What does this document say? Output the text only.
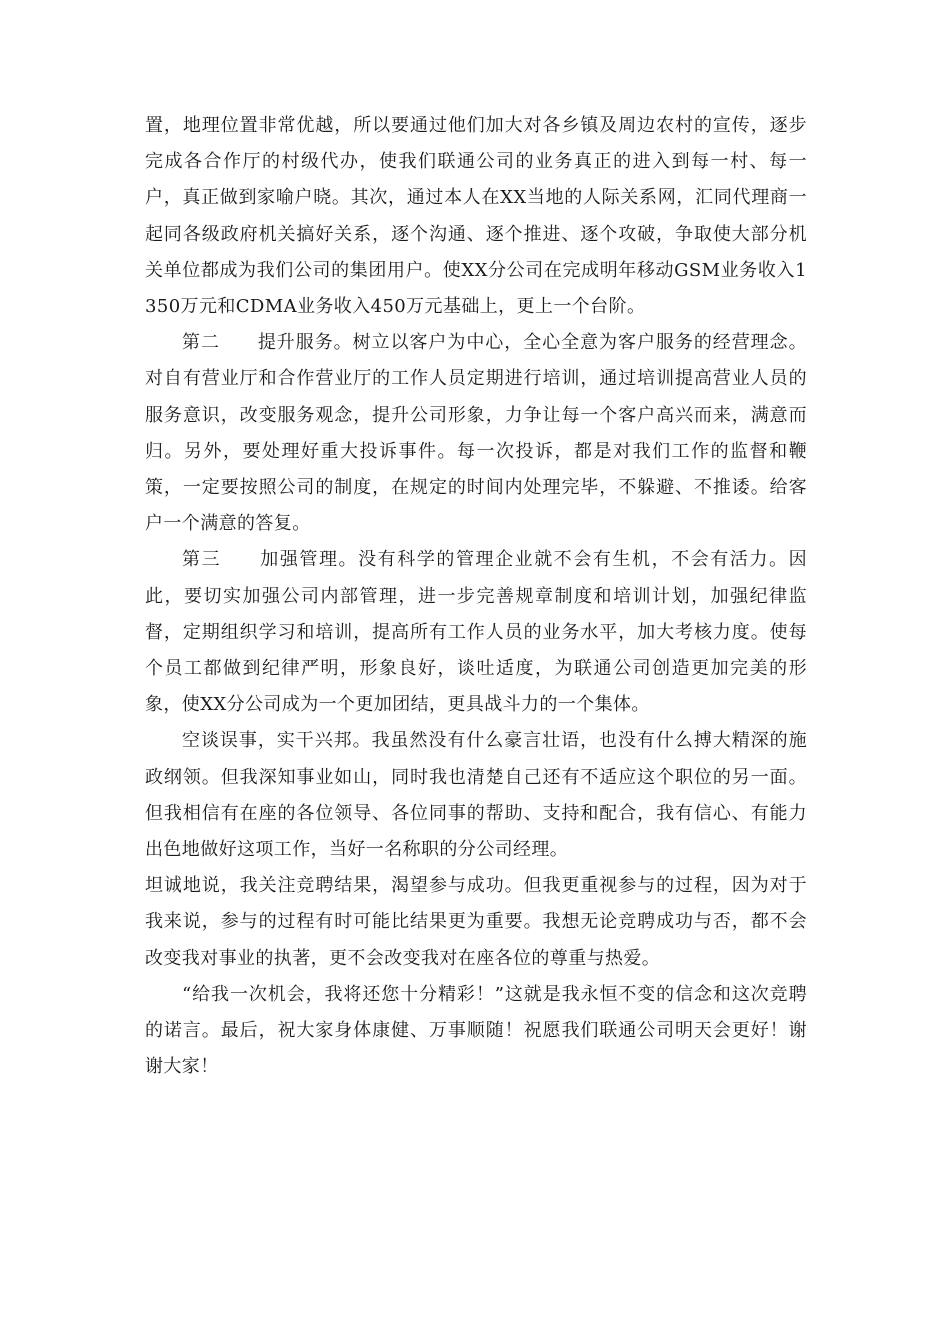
置，地理位置非常优越，所以要通过他们加大对各乡镇及周边农村的宣传，逐步完成各合作厅的村级代办，使我们联通公司的业务真正的进入到每一村、每一户，真正做到家喻户晓。其次，通过本人在XX当地的人际关系网，汇同代理商一起同各级政府机关搞好关系，逐个沟通、逐个推进、逐个攻破，争取使大部分机关单位都成为我们公司的集团用户。使XX分公司在完成明年移动GSM业务收入1350万元和CDMA业务收入450万元基础上，更上一个台阶。

第二　　提升服务。树立以客户为中心，全心全意为客户服务的经营理念。对自有营业厅和合作营业厅的工作人员定期进行培训，通过培训提高营业人员的服务意识，改变服务观念，提升公司形象，力争让每一个客户高兴而来，满意而归。另外，要处理好重大投诉事件。每一次投诉，都是对我们工作的监督和鞭策，一定要按照公司的制度，在规定的时间内处理完毕，不躲避、不推诿。给客户一个满意的答复。

第三　　加强管理。没有科学的管理企业就不会有生机，不会有活力。因此，要切实加强公司内部管理，进一步完善规章制度和培训计划，加强纪律监督，定期组织学习和培训，提高所有工作人员的业务水平，加大考核力度。使每个员工都做到纪律严明，形象良好，谈吐适度，为联通公司创造更加完美的形象，使XX分公司成为一个更加团结，更具战斗力的一个集体。

空谈误事，实干兴邦。我虽然没有什么豪言壮语，也没有什么搏大精深的施政纲领。但我深知事业如山，同时我也清楚自己还有不适应这个职位的另一面。但我相信有在座的各位领导、各位同事的帮助、支持和配合，我有信心、有能力出色地做好这项工作，当好一名称职的分公司经理。

坦诚地说，我关注竞聘结果，渴望参与成功。但我更重视参与的过程，因为对于我来说，参与的过程有时可能比结果更为重要。我想无论竞聘成功与否，都不会改变我对事业的执著，更不会改变我对在座各位的尊重与热爱。

“给我一次机会，我将还您十分精彩！”这就是我永恒不变的信念和这次竞聘的诺言。最后，祝大家身体康健、万事顺随！祝愿我们联通公司明天会更好！谢谢大家！
